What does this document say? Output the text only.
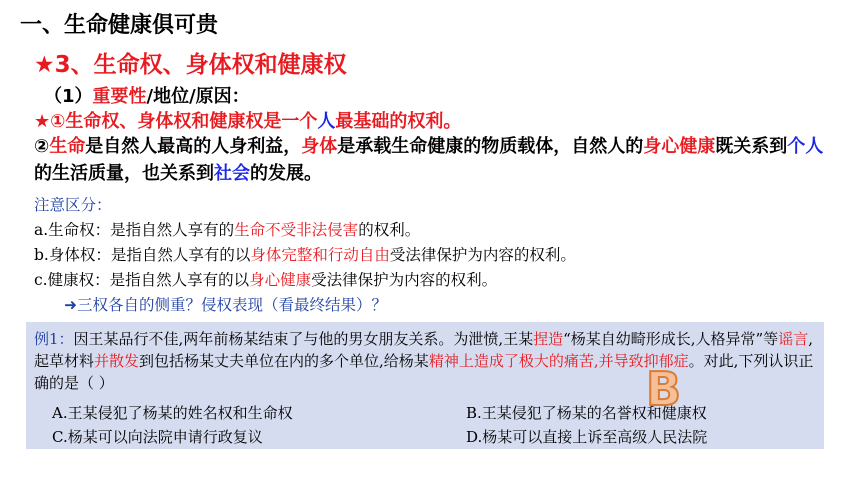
一、生命健康俱可贵
★3、生命权、身体权和健康权
（1）重要性/地位/原因：
★①生命权、身体权和健康权是一个人最基础的权利。
②生命是自然人最高的人身利益，身体是承载生命健康的物质载体，自然人的身心健康既关系到个人的生活质量，也关系到社会的发展。
注意区分：
a.生命权：是指自然人享有的生命不受非法侵害的权利。
b.身体权：是指自然人享有的以身体完整和行动自由受法律保护为内容的权利。
c.健康权：是指自然人享有的以身心健康受法律保护为内容的权利。
➜三权各自的侧重？侵权表现（看最终结果）？
例1：因王某品行不佳,两年前杨某结束了与他的男女朋友关系。为泄愤,王某捏造“杨某自幼畸形成长,人格异常”等谣言,起草材料并散发到包括杨某丈夫单位在内的多个单位,给杨某精神上造成了极大的痛苦,并导致抑郁症。对此,下列认识正确的是（ ）
A.王某侵犯了杨某的姓名权和生命权	B.王某侵犯了杨某的名誉权和健康权
C.杨某可以向法院申请行政复议	D.杨某可以直接上诉至高级人民法院
B
